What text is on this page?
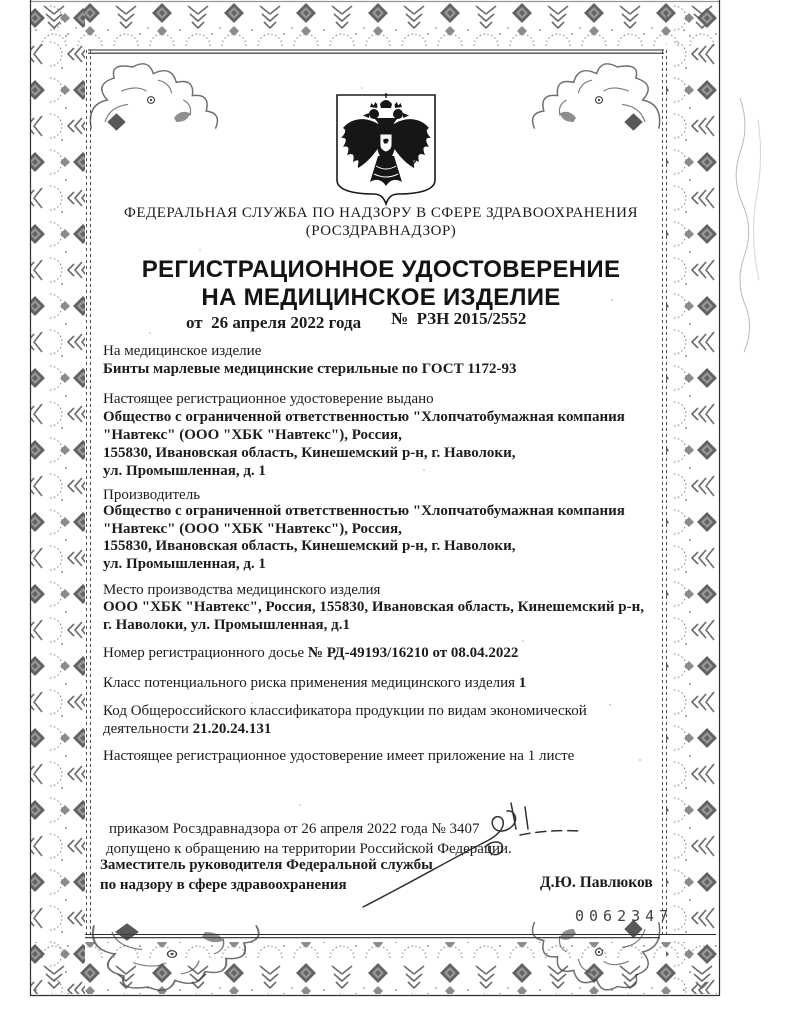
ФЕДЕРАЛЬНАЯ СЛУЖБА ПО НАДЗОРУ В СФЕРЕ ЗДРАВООХРАНЕНИЯ
(РОСЗДРАВНАДЗОР)
РЕГИСТРАЦИОННОЕ УДОСТОВЕРЕНИЕ
НА МЕДИЦИНСКОЕ ИЗДЕЛИЕ
от  26 апреля 2022 года №  РЗН 2015/2552
На медицинское изделие
Бинты марлевые медицинские стерильные по ГОСТ 1172-93
Настоящее регистрационное удостоверение выдано
Общество с ограниченной ответственностью "Хлопчатобумажная компания
"Навтекс" (ООО "ХБК "Навтекс"), Россия,
155830, Ивановская область, Кинешемский р-н, г. Наволоки,
ул. Промышленная, д. 1
Производитель
Общество с ограниченной ответственностью "Хлопчатобумажная компания
"Навтекс" (ООО "ХБК "Навтекс"), Россия,
155830, Ивановская область, Кинешемский р-н, г. Наволоки,
ул. Промышленная, д. 1
Место производства медицинского изделия
ООО "ХБК "Навтекс", Россия, 155830, Ивановская область, Кинешемский р-н,
г. Наволоки, ул. Промышленная, д.1
Номер регистрационного досье № РД-49193/16210 от 08.04.2022
Класс потенциального риска применения медицинского изделия 1
Код Общероссийского классификатора продукции по видам экономической
деятельности 21.20.24.131
Настоящее регистрационное удостоверение имеет приложение на 1 листе
приказом Росздравнадзора от 26 апреля 2022 года № 3407
допущено к обращению на территории Российской Федерации.
Заместитель руководителя Федеральной службы
по надзору в сфере здравоохранения	Д.Ю. Павлюков
0062347
